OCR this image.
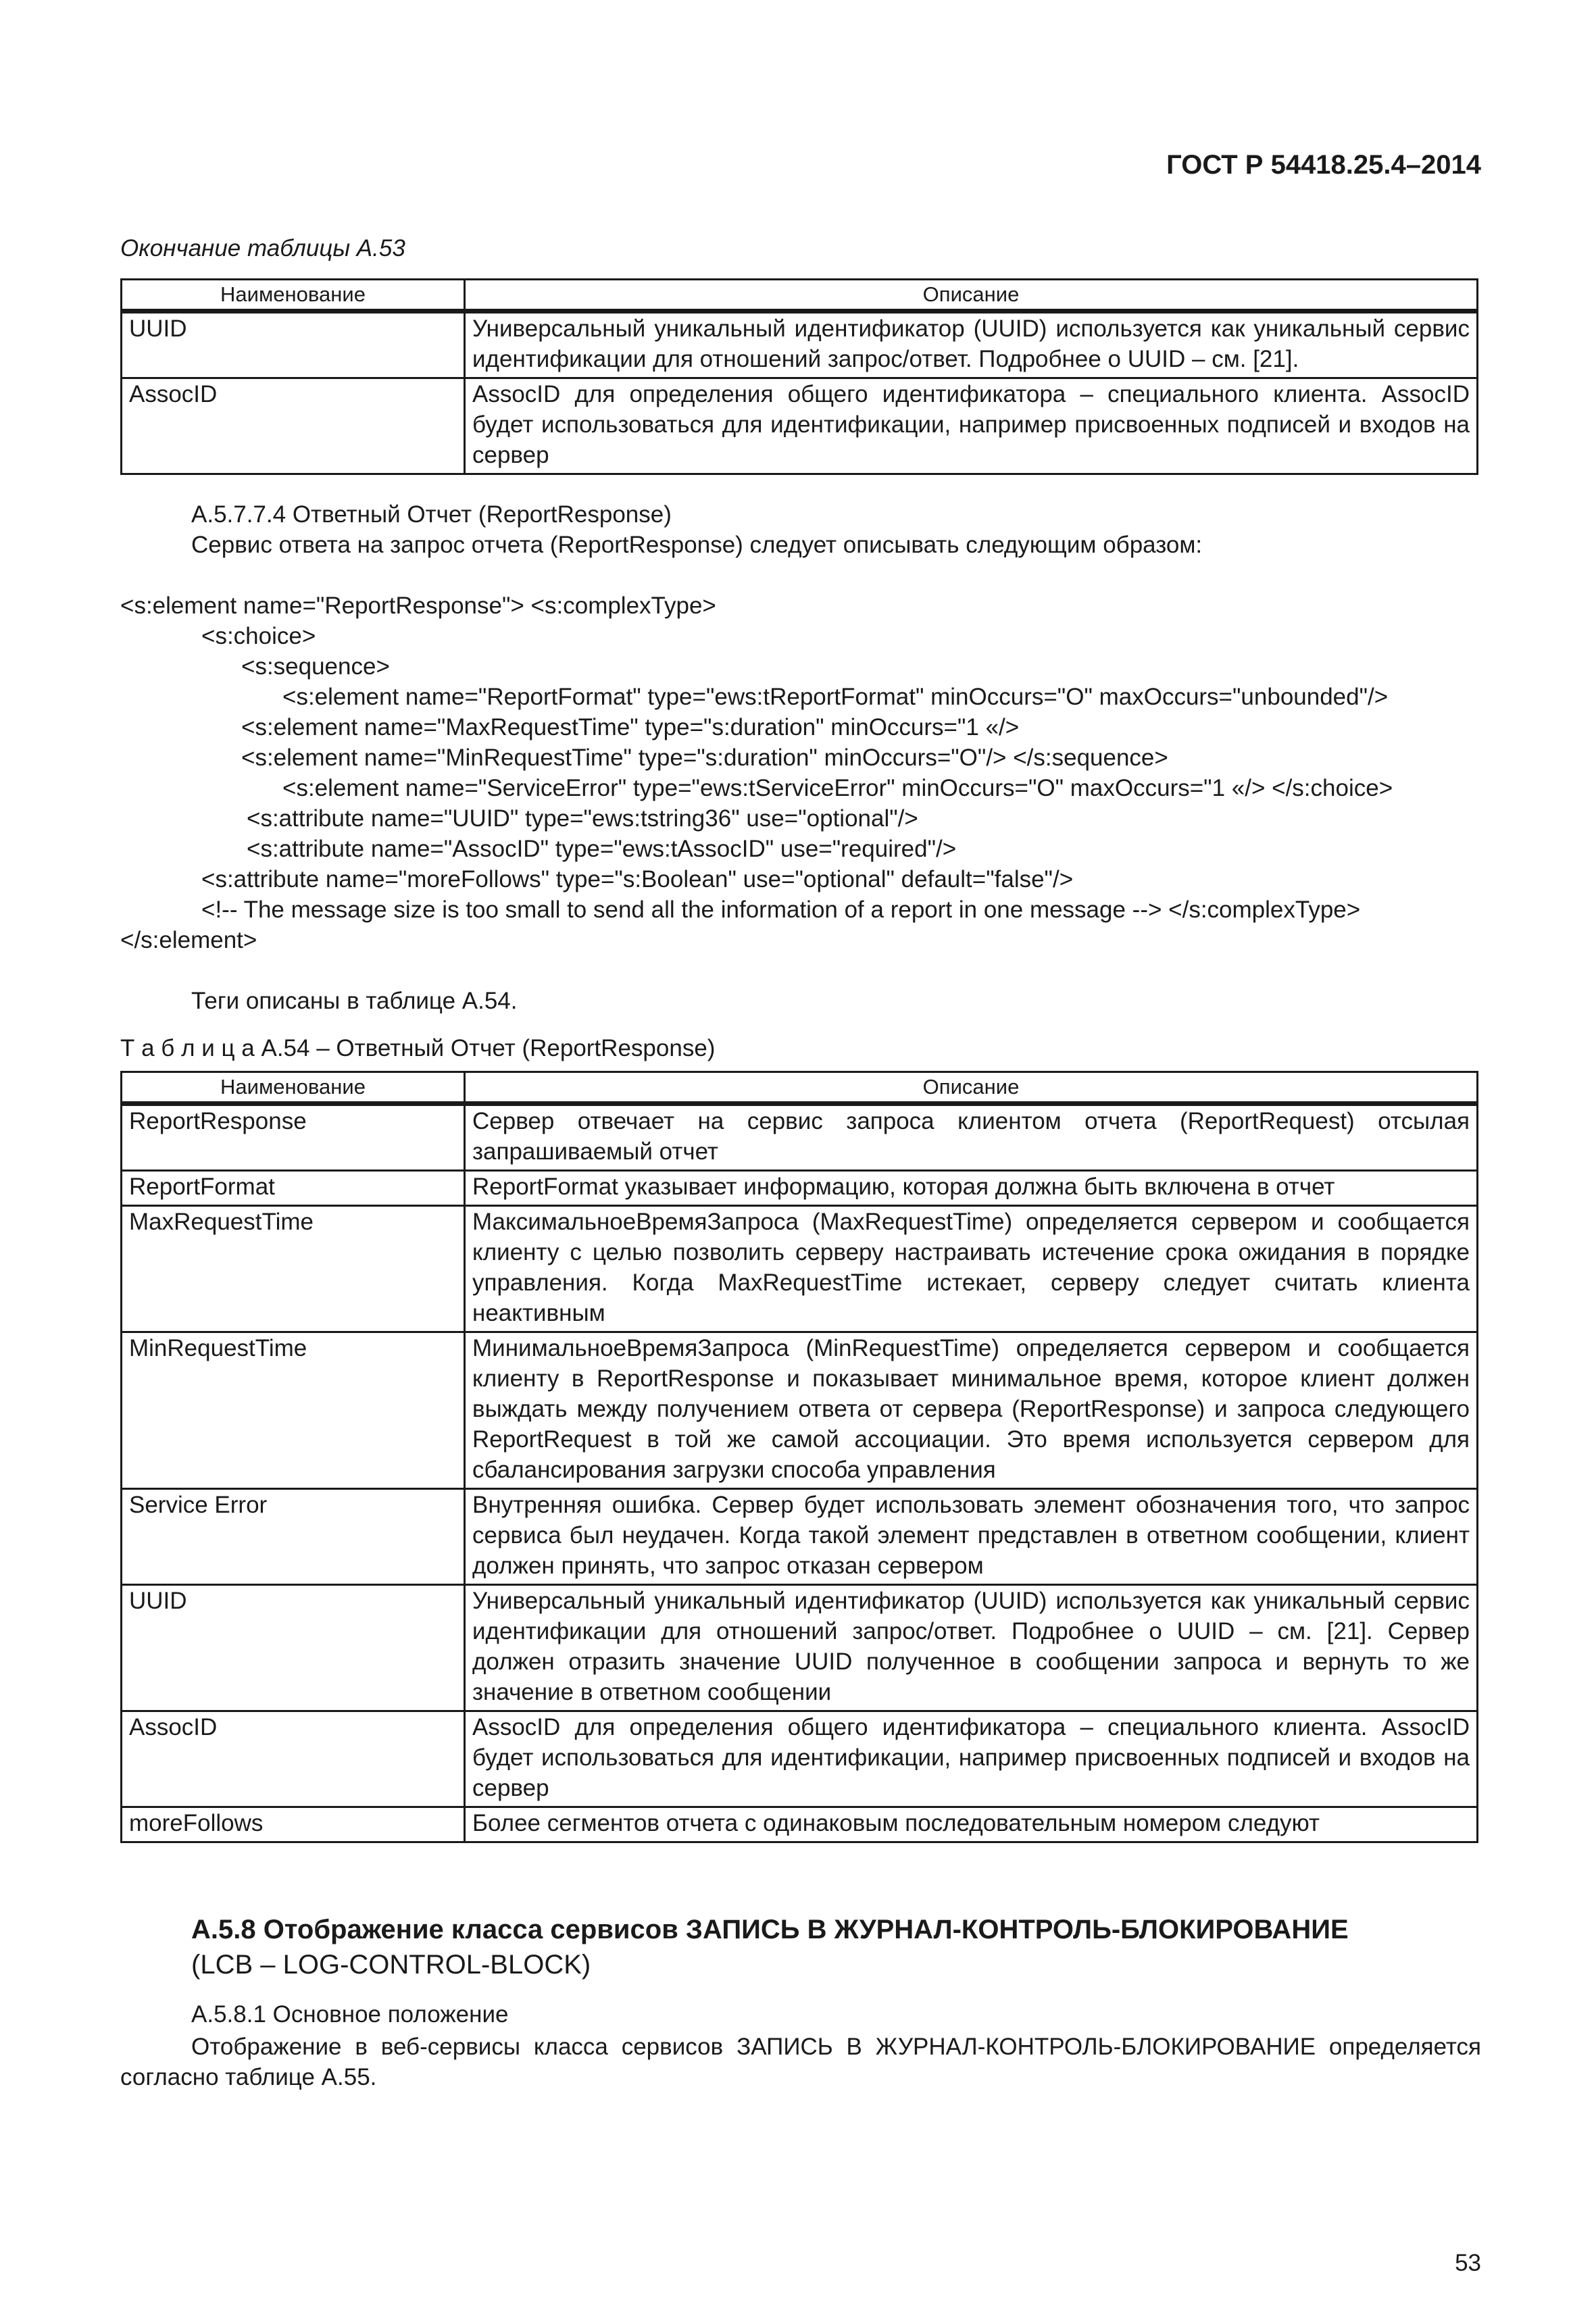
ГОСТ Р 54418.25.4–2014
Окончание таблицы А.53
Наименование	Описание
UUID	Универсальный уникальный идентификатор (UUID) используется как уникальный сервис идентификации для отношений запрос/ответ. Подробнее о UUID – см. [21].
AssocID	AssocID для определения общего идентификатора – специального клиента. AssocID будет использоваться для идентификации, например присвоенных подписей и входов на сервер
А.5.7.7.4 Ответный Отчет (ReportResponse)
Сервис ответа на запрос отчета (ReportResponse) следует описывать следующим образом:
<s:element name="ReportResponse"> <s:complexType>
<s:choice>
<s:sequence>
<s:element name="ReportFormat" type="ews:tReportFormat" minOccurs="O" maxOccurs="unbounded"/>
<s:element name="MaxRequestTime" type="s:duration" minOccurs="1 «/>
<s:element name="MinRequestTime" type="s:duration" minOccurs="O"/> </s:sequence>
<s:element name="ServiceError" type="ews:tServiceError" minOccurs="O" maxOccurs="1 «/> </s:choice>
<s:attribute name="UUID" type="ews:tstring36" use="optional"/>
<s:attribute name="AssocID" type="ews:tAssocID" use="required"/>
<s:attribute name="moreFollows" type="s:Boolean" use="optional" default="false"/>
<!-- The message size is too small to send all the information of a report in one message --> </s:complexType>
</s:element>
Теги описаны в таблице А.54.
Т а б л и ц а А.54 – Ответный Отчет (ReportResponse)
Наименование	Описание
ReportResponse	Сервер отвечает на сервис запроса клиентом отчета (ReportRequest) отсылая запрашиваемый отчет
ReportFormat	ReportFormat указывает информацию, которая должна быть включена в отчет
MaxRequestTime	МаксимальноеВремяЗапроса (MaxRequestTime) определяется сервером и сообщается клиенту с целью позволить серверу настраивать истечение срока ожидания в порядке управления. Когда MaxRequestTime истекает, серверу следует считать клиента неактивным
MinRequestTime	МинимальноеВремяЗапроса (MinRequestTime) определяется сервером и сообщается клиенту в ReportResponse и показывает минимальное время, которое клиент должен выждать между получением ответа от сервера (ReportResponse) и запроса следующего ReportRequest в той же самой ассоциации. Это время используется сервером для сбалансирования загрузки способа управления
Service Error	Внутренняя ошибка. Сервер будет использовать элемент обозначения того, что запрос сервиса был неудачен. Когда такой элемент представлен в ответном сообщении, клиент должен принять, что запрос отказан сервером
UUID	Универсальный уникальный идентификатор (UUID) используется как уникальный сервис идентификации для отношений запрос/ответ. Подробнее о UUID – см. [21]. Сервер должен отразить значение UUID полученное в сообщении запроса и вернуть то же значение в ответном сообщении
AssocID	AssocID для определения общего идентификатора – специального клиента. AssocID будет использоваться для идентификации, например присвоенных подписей и входов на сервер
moreFollows	Более сегментов отчета с одинаковым последовательным номером следуют
А.5.8 Отображение класса сервисов ЗАПИСЬ В ЖУРНАЛ-КОНТРОЛЬ-БЛОКИРОВАНИЕ
(LCB – LOG-CONTROL-BLOCK)
А.5.8.1 Основное положение
Отображение в веб-сервисы класса сервисов ЗАПИСЬ В ЖУРНАЛ-КОНТРОЛЬ-БЛОКИРОВАНИЕ определяется согласно таблице А.55.
53
